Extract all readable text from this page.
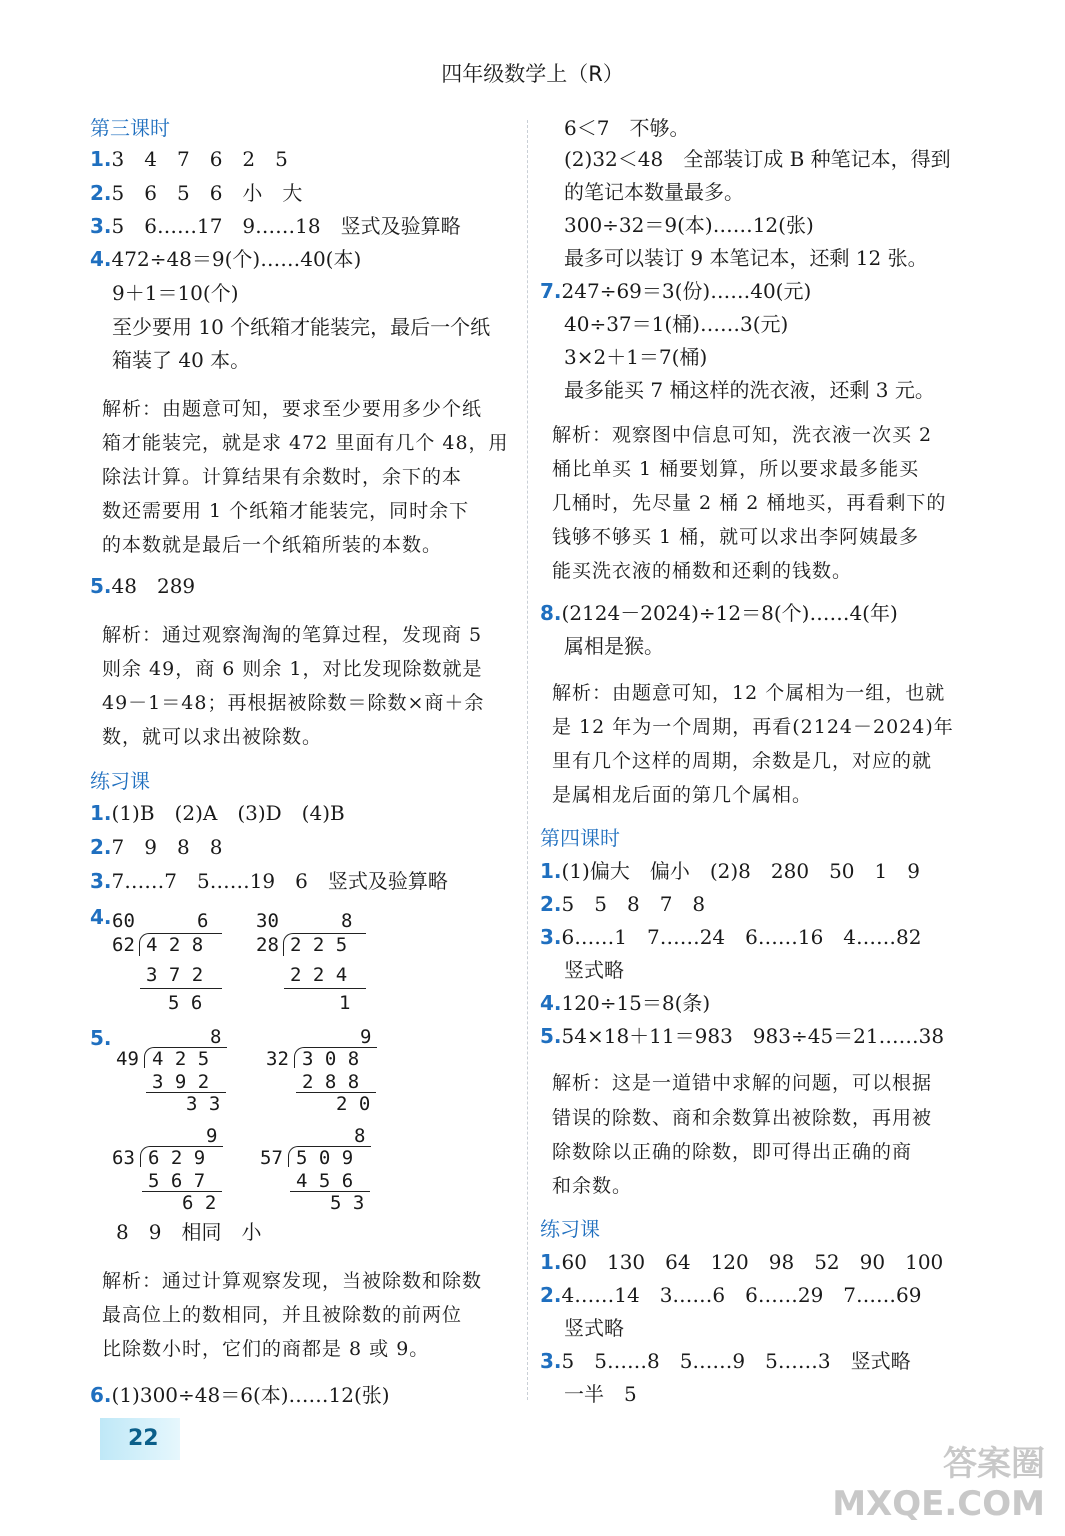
四年级数学上（R）
第三课时
1.3　4　7　6　2　5
2.5　6　5　6　小　大
3.5　6……17　9……18　竖式及验算略
4.472÷48＝9(个)……40(本)
9＋1＝10(个)
至少要用 10 个纸箱才能装完，最后一个纸
箱装了 40 本。
解析：由题意可知，要求至少要用多少个纸
箱才能装完，就是求 472 里面有几个 48，用
除法计算。计算结果有余数时，余下的本
数还需要用 1 个纸箱才能装完，同时余下
的本数就是最后一个纸箱所装的本数。
5.48　289
解析：通过观察淘淘的笔算过程，发现商 5
则余 49，商 6 则余 1，对比发现除数就是
49－1＝48；再根据被除数＝除数×商＋余
数，就可以求出被除数。
练习课
1.(1)B　(2)A　(3)D　(4)B
2.7　9　8　8
3.7……7　5……19　6　竖式及验算略
4. 60	6
62 4 2 8
3 7 2
5 6
30	8
28 2 2 5
2 2 4
1
5.	8
49 4 2 5
3 9 2
3 3
9
32 3 0 8
2 8 8
2 0
9
63 6 2 9
5 6 7
6 2
8
57 5 0 9
4 5 6
5 3
8　9　相同　小
解析：通过计算观察发现，当被除数和除数
最高位上的数相同，并且被除数的前两位
比除数小时，它们的商都是 8 或 9。
6.(1)300÷48＝6(本)……12(张)
6＜7　不够。
(2)32＜48　全部装订成 B 种笔记本，得到
的笔记本数量最多。
300÷32＝9(本)……12(张)
最多可以装订 9 本笔记本，还剩 12 张。
7.247÷69＝3(份)……40(元)
40÷37＝1(桶)……3(元)
3×2＋1＝7(桶)
最多能买 7 桶这样的洗衣液，还剩 3 元。
解析：观察图中信息可知，洗衣液一次买 2
桶比单买 1 桶要划算，所以要求最多能买
几桶时，先尽量 2 桶 2 桶地买，再看剩下的
钱够不够买 1 桶，就可以求出李阿姨最多
能买洗衣液的桶数和还剩的钱数。
8.(2124－2024)÷12＝8(个)……4(年)
属相是猴。
解析：由题意可知，12 个属相为一组，也就
是 12 年为一个周期，再看(2124－2024)年
里有几个这样的周期，余数是几，对应的就
是属相龙后面的第几个属相。
第四课时
1.(1)偏大　偏小　(2)8　280　50　1　9
2.5　5　8　7　8
3.6……1　7……24　6……16　4……82
竖式略
4.120÷15＝8(条)
5.54×18＋11＝983　983÷45＝21……38
解析：这是一道错中求解的问题，可以根据
错误的除数、商和余数算出被除数，再用被
除数除以正确的除数，即可得出正确的商
和余数。
练习课
1.60　130　64　120　98　52　90　100
2.4……14　3……6　6……29　7……69
竖式略
3.5　5……8　5……9　5……3　竖式略
一半　5
22
答案圈
MXQE.COM
